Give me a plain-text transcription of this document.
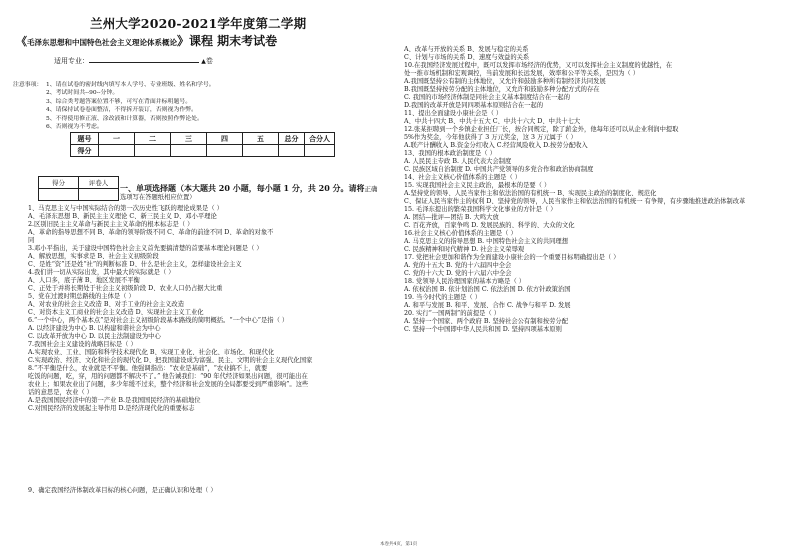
兰州大学2020-2021学年度第二学期
《毛泽东思想和中国特色社会主义理论体系概论》课程 期末考试卷
适用专业：	▲卷
注意事项： 1、请在试卷的密封线内填写本人学号、专业班级、姓名和学号。
2、考试时间共--90--分钟。
3、综合类考题答案位置不够，可写在背面并标明题号。
4、请保持试卷卷面整洁，不得拆开装订，否则视为作弊。
5、不得使用修正液、涂改液和计算器，否则按照作弊论处。
6、否则视为不考虑。
题号	一	二	三	四	五	总分	合分人
得分							
得分	评卷人
	一、单项选择题（本大题共 20 小题，每小题 1 分，共 20 分。请将正确
选项写在答题纸相应位置）
1、马克思主义与中国实际结合的第一次历史性飞跃的理论成果是（ ）
A、毛泽东思想 B、新民主主义理论 C、新三民主义 D、邓小平理论
2.区别旧民主主义革命与新民主主义革命的根本标志是（ ）
A、革命的指导思想不同 B、革命的领导阶级不同 C、革命的前途不同 D、革命的对象不
同
3.邓小平指出，关于建设中国特色社会主义首先要搞清楚的首要基本理论问题是（ ）
A、解放思想，实事求是 B、社会主义初级阶段
C、是姓“资”还是姓“社”的判断标准 D、什么是社会主义，怎样建设社会主义
4.我们讲一切从实际出发，其中最大的实际就是（ ）
A、人口多，底子薄 B、地区发展不平衡
C、正处于并将长期处于社会主义初级阶段 D、农业人口仍占据大比重
5、党在过渡时期总路线的主体是（ ）
A、对农业的社会主义改造 B、对手工业的社会主义改造
C、对资本主义工商业的社会主义改造 D、实现社会主义工业化
6.“一个中心，两个基本点”是对社会主义初级阶段基本路线的简明概括。“一个中心”是指（ ）
A. 以经济建设为中心 B. 以构建和谐社会为中心
C. 以改革开放为中心 D. 以民主法制建设为中心
7.我国社会主义建设的战略目标是（ ）
A.实现农业、工业、国防和科学技术现代化 B、实现工业化、社会化、市场化、和现代化
C.实现政治、经济、文化和社会的现代化 D、把我国建设成为富强、民主、文明的社会主义现代化国家
8.“不平衡是什么，农业就是不平衡。他强调指出：“农业是基础”，“农业搞不上，就要
吃饭的问题，吃，穿，用的问题都不解决不了。” 他告诫我们：“90 年代经济如果出问题，很可能出在
农业上；如果农业出了问题，多少年缓不过来，整个经济和社会发展的全局都要受到严重影响”。这些
话的意思是，农业（ ）
A.是我国国民经济中的第一产业 B.是我国国民经济的基础地位
C.对国民经济的发展起主导作用 D.是经济现代化的重要标志
9、确定我国经济体制改革目标的核心问题，是正确认识和处理（ ）
A、改革与开放的关系 B、发展与稳定的关系
C、计划与市场的关系 D、速度与效益的关系
10.在我国经济发展过程中，既可以发挥市场经济的优势，又可以发挥社会主义制度的优越性，在
处一推市场机制和宏观调控，当前发展和长远发展，效率和公平等关系，是因为（ ）
A.我国既坚持公有制的主体地位，又允许和鼓励多种所有制经济共同发展
B.我国既坚持按劳分配的主体地位，又允许和鼓励多种分配方式的存在
C. 我国的市场经济体制是同社会主义基本制度结合在一起的
D.我国的改革开放是同四项基本原则结合在一起的
11、提出全面建设小康社会是（ ）
A、中共十四大 B、中共十五大 C、中共十六大 D、中共十七大
12.张某拒聘到一个乡镇企业担任厂长，按合同规定，除了薪金外，他每年还可以从企业利润中提取
5%作为奖金，今年他获得了 3 万元奖金，这 3 万元属于（ ）
A.联产计酬收入 B.资金分红收入 C.经营风险收入 D.按劳分配收入
13、我国的根本政治制度是（ ）
A. 人民民主专政 B. 人民代表大会制度
C. 民族区域自治制度 D. 中国共产党领导的多党合作和政治协商制度
14、社会主义核心价值体系的主题是（ ）
15. 实现我国社会主义民主政治，最根本的是要（ ）
A.坚持党的领导、人民当家作主和依法治国的有机统一 B、实现民主政治的制度化、规范化
C、保证人民当家作主的权利 D、坚持党的领导，人民当家作主和依法治国的有机统一 有争辩，有步骤地推进政治体制改革
15. 毛泽东提出的繁荣我国科学文化事业的方针是（ ）
A. 团结—批评—团结 B. 大鸣大放
C. 百花齐放，百家争鸣 D. 发展民族的、科学的、大众的文化
16.社会主义核心价值体系的主题是（ ）
A. 马克思主义的指导思想 B. 中国特色社会主义的共同理想
C. 民族精神和时代精神 D. 社会主义荣辱观
17. 党把社会更加和谐作为全面建设小康社会的一个重要目标明确提出是（ ）
A. 党的十五大 B. 党的十六届四中全会
C. 党的十六大 D. 党的十六届六中全会
18. 党领导人民治理国家的基本方略是（ ）
A. 依权治国 B. 依计划治国 C. 依法治国 D. 依方针政策治国
19. 当今时代的主题是（ ）
A. 和平与发展 B. 和平、发展、合作 C. 战争与和平 D. 发展
20. 实行“一国两制”的前提是（ ）
A. 坚持一个国家、两个政府 B. 坚持社会公有制和按劳分配
C. 坚持一个中国即中华人民共和国 D. 坚持四项基本原则
本卷共4页，第1页
